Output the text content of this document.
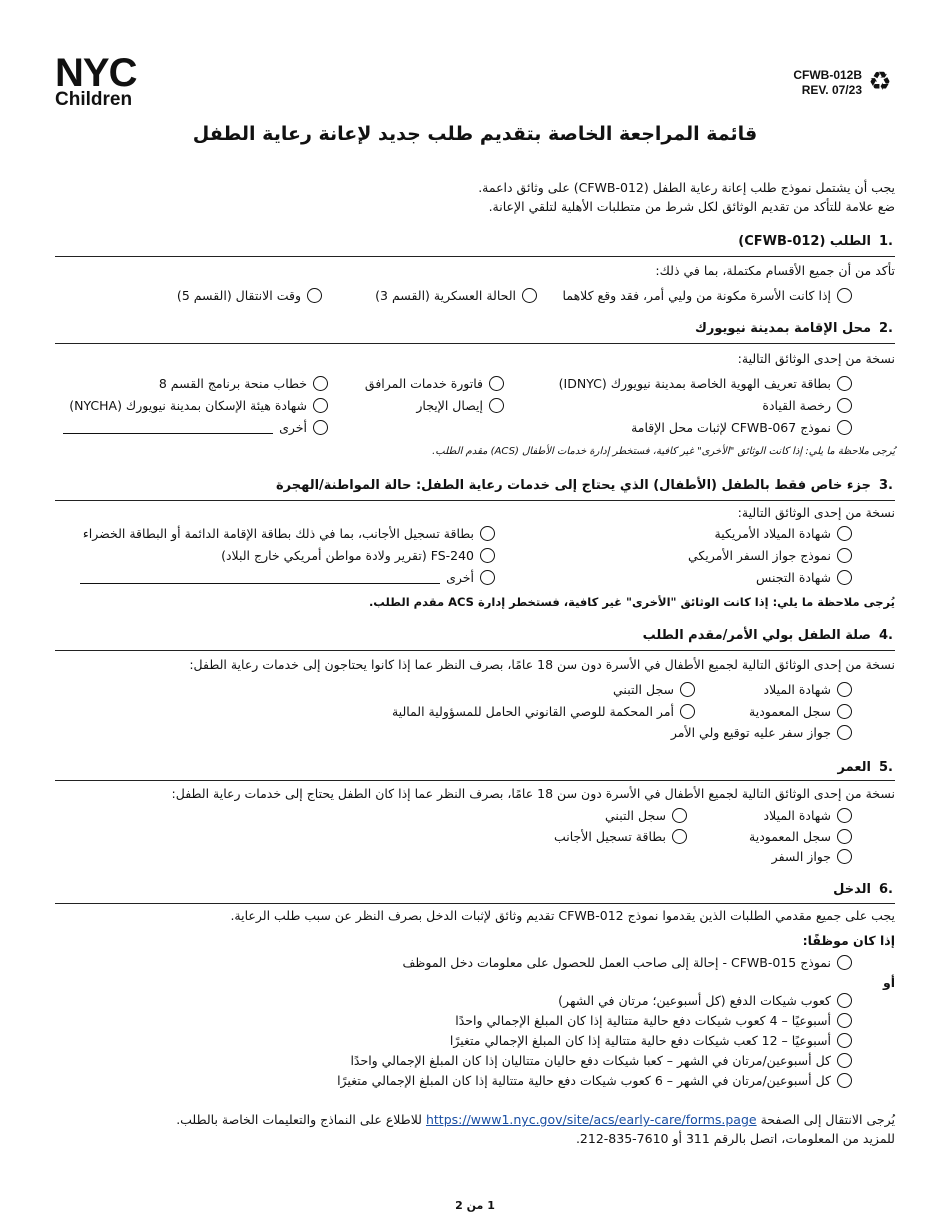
NYC
Children
CFWB-012B
REV. 07/23 ♻
قائمة المراجعة الخاصة بتقديم طلب جديد لإعانة رعاية الطفل
يجب أن يشتمل نموذج طلب إعانة رعاية الطفل (CFWB-012) على وثائق داعمة.
ضع علامة للتأكد من تقديم الوثائق لكل شرط من متطلبات الأهلية لتلقي الإعانة.
1.
الطلب (CFWB-012)
تأكد من أن جميع الأقسام مكتملة، بما في ذلك:
إذا كانت الأسرة مكونة من وليي أمر، فقد وقع كلاهما
الحالة العسكرية (القسم 3)
وقت الانتقال (القسم 5)
2.
محل الإقامة بمدينة نيويورك
نسخة من إحدى الوثائق التالية:
بطاقة تعريف الهوية الخاصة بمدينة نيويورك (IDNYC)
فاتورة خدمات المرافق
خطاب منحة برنامج القسم 8
رخصة القيادة
إيصال الإيجار
شهادة هيئة الإسكان بمدينة نيويورك (NYCHA)
نموذج CFWB-067 لإثبات محل الإقامة
أخرى
يُرجى ملاحظة ما يلي: إذا كانت الوثائق "الأخرى" غير كافية، فستخطر إدارة خدمات الأطفال (ACS) مقدم الطلب.
3.
جزء خاص فقط بالطفل (الأطفال) الذي يحتاج إلى خدمات رعاية الطفل: حالة المواطنة/الهجرة
نسخة من إحدى الوثائق التالية:
شهادة الميلاد الأمريكية
بطاقة تسجيل الأجانب، بما في ذلك بطاقة الإقامة الدائمة أو البطاقة الخضراء
نموذج جواز السفر الأمريكي
FS-240 (تقرير ولادة مواطن أمريكي خارج البلاد)
شهادة التجنس
أخرى
يُرجى ملاحظة ما يلي: إذا كانت الوثائق "الأخرى" غير كافية، فستخطر إدارة ACS مقدم الطلب.
4.
صلة الطفل بولي الأمر/مقدم الطلب
نسخة من إحدى الوثائق التالية لجميع الأطفال في الأسرة دون سن 18 عامًا، بصرف النظر عما إذا كانوا يحتاجون إلى خدمات رعاية الطفل:
شهادة الميلاد
سجل التبني
سجل المعمودية
أمر المحكمة للوصي القانوني الحامل للمسؤولية المالية
جواز سفر عليه توقيع ولي الأمر
5.
العمر
نسخة من إحدى الوثائق التالية لجميع الأطفال في الأسرة دون سن 18 عامًا، بصرف النظر عما إذا كان الطفل يحتاج إلى خدمات رعاية الطفل:
شهادة الميلاد
سجل التبني
سجل المعمودية
بطاقة تسجيل الأجانب
جواز السفر
6.
الدخل
يجب على جميع مقدمي الطلبات الذين يقدموا نموذج CFWB-012 تقديم وثائق لإثبات الدخل بصرف النظر عن سبب طلب الرعاية.
إذا كان موظفًا:
نموذج CFWB-015 - إحالة إلى صاحب العمل للحصول على معلومات دخل الموظف
أو
كعوب شيكات الدفع (كل أسبوعين؛ مرتان في الشهر)
أسبوعيًا – 4 كعوب شيكات دفع حالية متتالية إذا كان المبلغ الإجمالي واحدًا
أسبوعيًا – 12 كعب شيكات دفع حالية متتالية إذا كان المبلغ الإجمالي متغيرًا
كل أسبوعين/مرتان في الشهر – كعبا شيكات دفع حاليان متتاليان إذا كان المبلغ الإجمالي واحدًا
كل أسبوعين/مرتان في الشهر – 6 كعوب شيكات دفع حالية متتالية إذا كان المبلغ الإجمالي متغيرًا
يُرجى الانتقال إلى الصفحة https://www1.nyc.gov/site/acs/early-care/forms.page للاطلاع على النماذج والتعليمات الخاصة بالطلب.
للمزيد من المعلومات، اتصل بالرقم 311 أو 7610-835-212.
1 من 2
